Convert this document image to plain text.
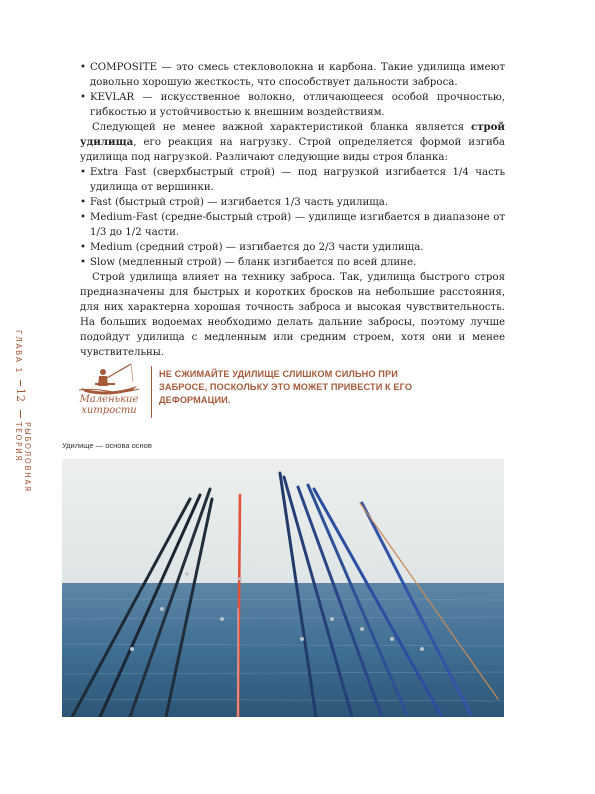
• COMPOSITE — это смесь стекловолокна и карбона. Такие удилища имеют довольно хорошую жесткость, что способствует дальности заброса.
• KEVLAR — искусственное волокно, отличающееся особой прочностью, гибкостью и устойчивостью к внешним воздействиям.

Следующей не менее важной характеристикой бланка является строй удилища, его реакция на нагрузку. Строй определяется формой изгиба удилища под нагрузкой. Различают следующие виды строя бланка:

• Extra Fast (сверхбыстрый строй) — под нагрузкой изгибается 1/4 часть удилища от вершинки.
• Fast (быстрый строй) — изгибается 1/3 часть удилища.
• Medium-Fast (средне-быстрый строй) — удилище изгибается в диапазоне от 1/3 до 1/2 части.
• Medium (средний строй) — изгибается до 2/3 части удилища.
• Slow (медленный строй) — бланк изгибается по всей длине.

Строй удилища влияет на технику заброса. Так, удилища быстрого строя предназначены для быстрых и коротких бросков на небольшие расстояния, для них характерна хорошая точность заброса и высокая чувствительность. На больших водоемах необходимо делать дальние забросы, поэтому лучше подойдут удилища с медленным или средним строем, хотя они и менее чувствительны.

ГЛАВА 1
12
РЫБОЛОВНАЯ ТЕОРИЯ
Маленькие
хитрости
НЕ СЖИМАЙТЕ УДИЛИЩЕ СЛИШКОМ СИЛЬНО ПРИ ЗАБРОСЕ, ПОСКОЛЬКУ ЭТО МОЖЕТ ПРИВЕСТИ К ЕГО ДЕФОРМАЦИИ.
Удилище — основа основ
